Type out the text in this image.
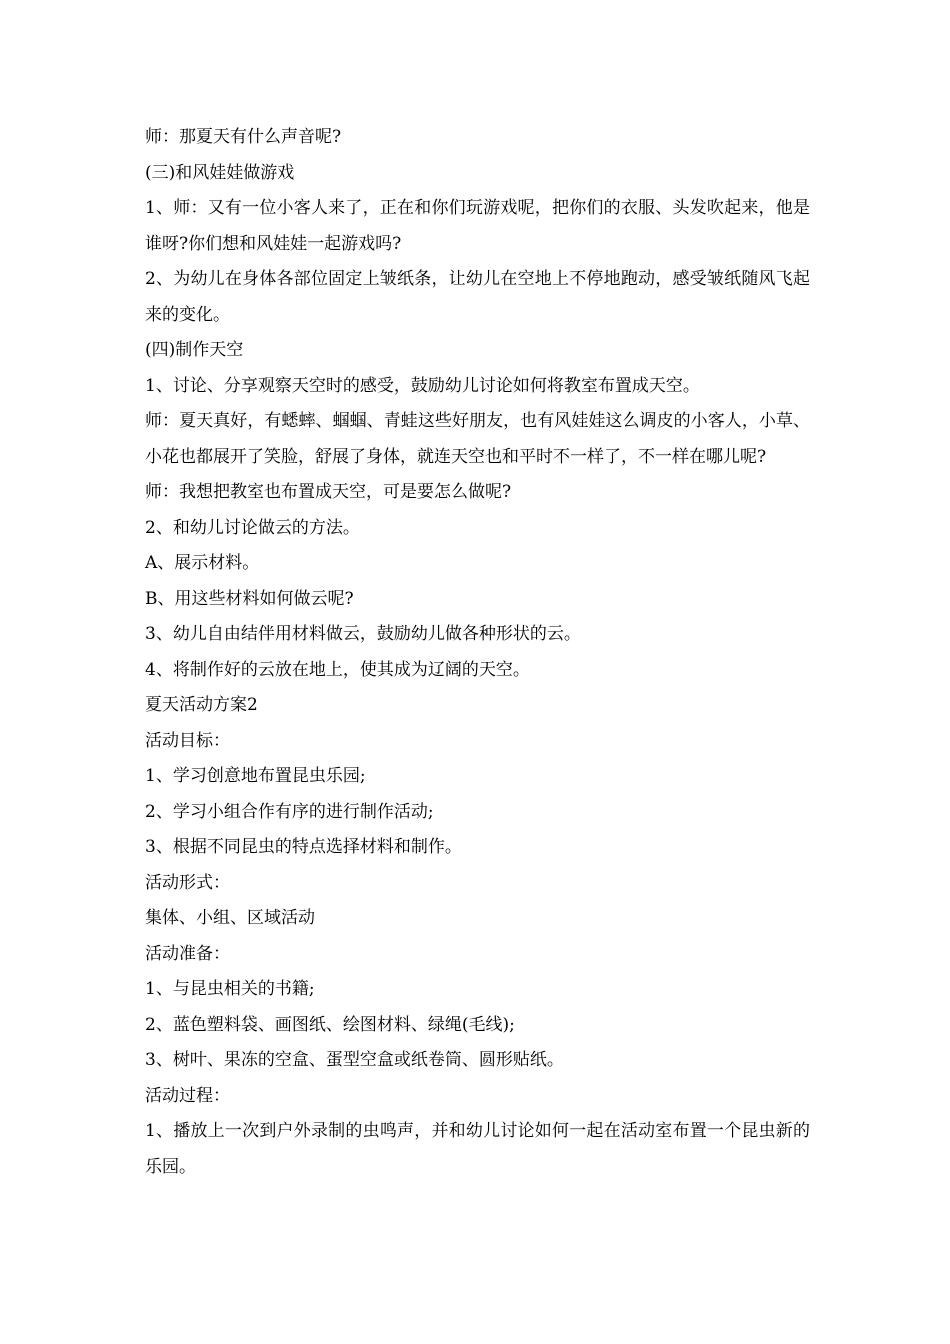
师：那夏天有什么声音呢?

(三)和风娃娃做游戏

1、师：又有一位小客人来了，正在和你们玩游戏呢，把你们的衣服、头发吹起来，他是谁呀?你们想和风娃娃一起游戏吗?

2、为幼儿在身体各部位固定上皱纸条，让幼儿在空地上不停地跑动，感受皱纸随风飞起来的变化。

(四)制作天空

1、讨论、分享观察天空时的感受，鼓励幼儿讨论如何将教室布置成天空。

师：夏天真好，有蟋蟀、蝈蝈、青蛙这些好朋友，也有风娃娃这么调皮的小客人，小草、小花也都展开了笑脸，舒展了身体，就连天空也和平时不一样了，不一样在哪儿呢?

师：我想把教室也布置成天空，可是要怎么做呢?

2、和幼儿讨论做云的方法。

A、展示材料。

B、用这些材料如何做云呢?

3、幼儿自由结伴用材料做云，鼓励幼儿做各种形状的云。

4、将制作好的云放在地上，使其成为辽阔的天空。

夏天活动方案2

活动目标：

1、学习创意地布置昆虫乐园;

2、学习小组合作有序的进行制作活动;

3、根据不同昆虫的特点选择材料和制作。

活动形式：

集体、小组、区域活动

活动准备：

1、与昆虫相关的书籍;

2、蓝色塑料袋、画图纸、绘图材料、绿绳(毛线);

3、树叶、果冻的空盒、蛋型空盒或纸卷筒、圆形贴纸。

活动过程：

1、播放上一次到户外录制的虫鸣声，并和幼儿讨论如何一起在活动室布置一个昆虫新的乐园。
